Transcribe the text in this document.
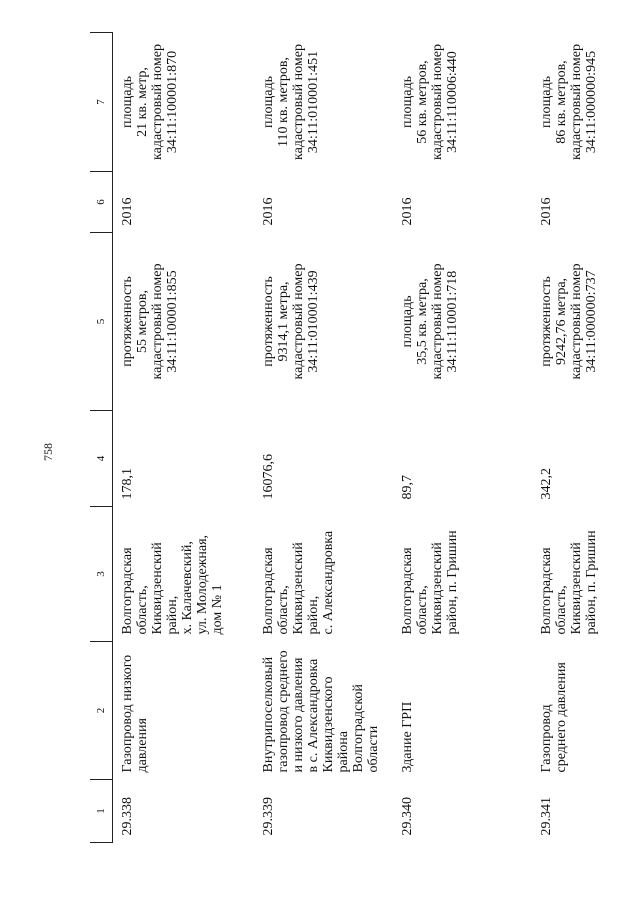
758
1	2	3	4	5	6	7
29.338	Газопровод низкого давления	Волгоградская область,
Киквидзенский район,
х. Калачевский,
ул. Молодежная,
дом № 1	178,1	протяженность
55 метров,
кадастровый номер
34:11:100001:855	2016	площадь
21 кв. метр,
кадастровый номер
34:11:100001:870
29.339	Внутрипоселковый газопровод среднего и низкого давления в с. Александровка Киквидзенского района Волгоградской области	Волгоградская область,
Киквидзенский район,
с. Александровка	16076,6	протяженность
9314,1 метра,
кадастровый номер
34:11:010001:439	2016	площадь
110 кв. метров,
кадастровый номер
34:11:010001:451
29.340	Здание ГРП	Волгоградская область,
Киквидзенский район, п. Гришин	89,7	площадь
35,5 кв. метра,
кадастровый номер
34:11:110001:718	2016	площадь
56 кв. метров,
кадастровый номер
34:11:110006:440
29.341	Газопровод среднего давления	Волгоградская область,
Киквидзенский район, п. Гришин	342,2	протяженность
9242,76 метра,
кадастровый номер
34:11:000000:737	2016	площадь
86 кв. метров,
кадастровый номер
34:11:000000:945
